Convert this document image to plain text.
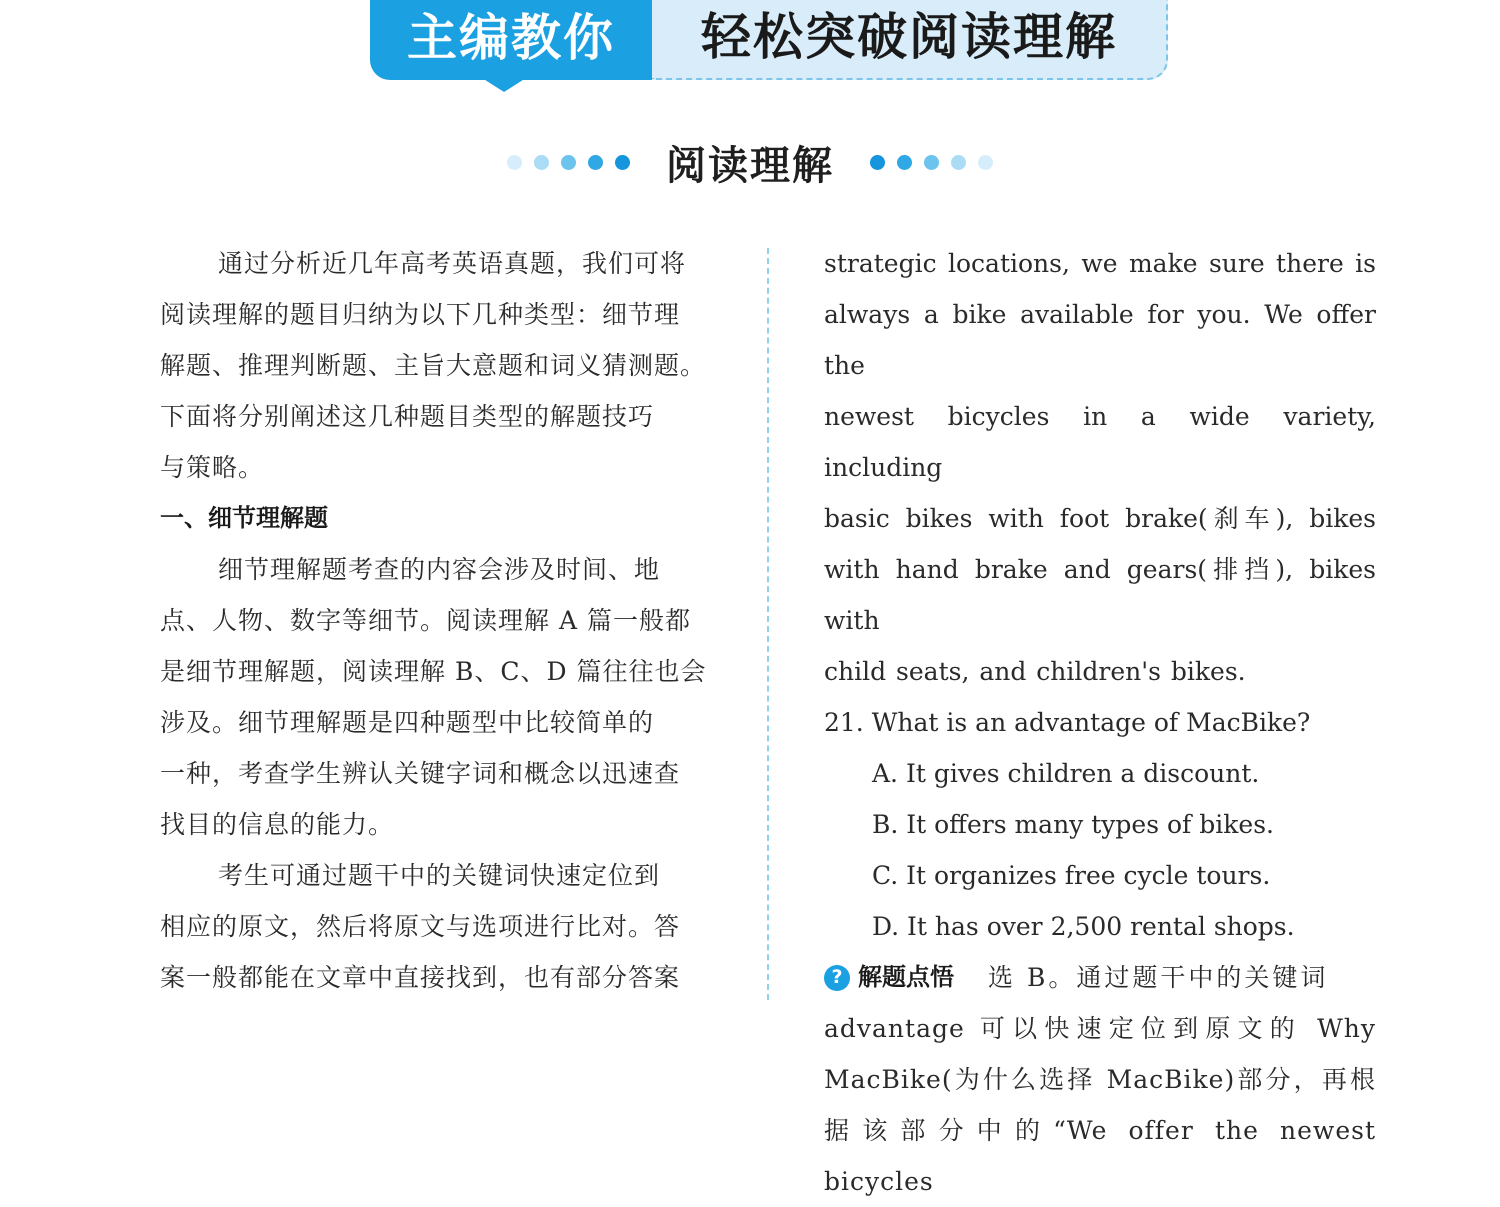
主编教你	轻松突破阅读理解
阅读理解

通过分析近几年高考英语真题，我们可将

阅读理解的题目归纳为以下几种类型：细节理

解题、推理判断题、主旨大意题和词义猜测题。

下面将分别阐述这几种题目类型的解题技巧

与策略。

一、细节理解题

细节理解题考查的内容会涉及时间、地

点、人物、数字等细节。阅读理解 A 篇一般都

是细节理解题，阅读理解 B、C、D 篇往往也会

涉及。细节理解题是四种题型中比较简单的

一种，考查学生辨认关键字词和概念以迅速查

找目的信息的能力。

考生可通过题干中的关键词快速定位到

相应的原文，然后将原文与选项进行比对。答

案一般都能在文章中直接找到，也有部分答案

strategic locations, we make sure there is

always a bike available for you. We offer the

newest bicycles in a wide variety, including

basic bikes with foot brake(刹车), bikes

with hand brake and gears(排挡), bikes with

child seats, and children's bikes.

21. What is an advantage of MacBike?

A. It gives children a discount.

B. It offers many types of bikes.

C. It organizes free cycle tours.

D. It has over 2,500 rental shops.

? 解题点悟 选 B。通过题干中的关键词

advantage 可以快速定位到原文的 Why

MacBike(为什么选择 MacBike)部分，再根

据该部分中的“We offer the newest bicycles
